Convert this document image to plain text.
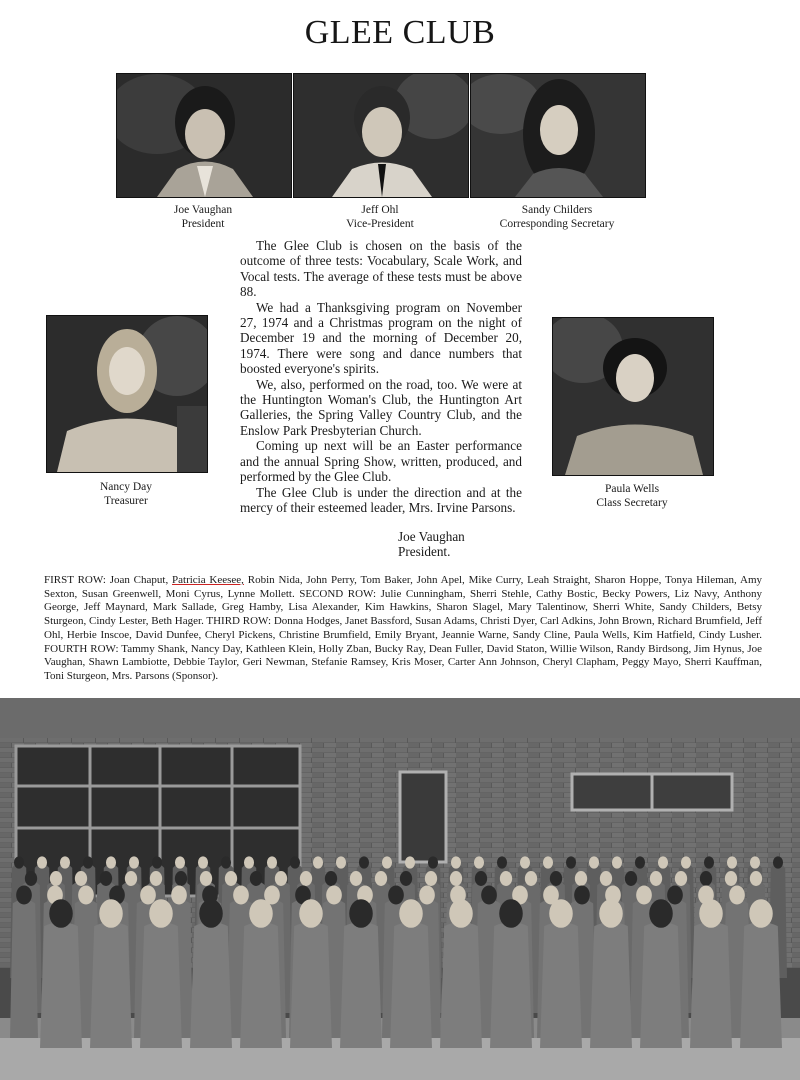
GLEE CLUB
Joe Vaughan
President
Jeff Ohl
Vice-President
Sandy Childers
Corresponding Secretary
Nancy Day
Treasurer
Paula Wells
Class Secretary

The Glee Club is chosen on the basis of the outcome of three tests: Vocabulary, Scale Work, and Vocal tests. The average of these tests must be above 88.

We had a Thanksgiving program on November 27, 1974 and a Christmas program on the night of December 19 and the morning of December 20, 1974. There were song and dance numbers that boosted everyone's spirits.

We, also, performed on the road, too. We were at the Huntington Woman's Club, the Huntington Art Galleries, the Spring Valley Country Club, and the Enslow Park Presbyterian Church.

Coming up next will be an Easter performance and the annual Spring Show, written, produced, and performed by the Glee Club.

The Glee Club is under the direction and at the mercy of their esteemed leader, Mrs. Irvine Parsons.

Joe Vaughan
President.
FIRST ROW: Joan Chaput, Patricia Keesee, Robin Nida, John Perry, Tom Baker, John Apel, Mike Curry, Leah Straight, Sharon Hoppe, Tonya Hileman, Amy Sexton, Susan Greenwell, Moni Cyrus, Lynne Mollett. SECOND ROW: Julie Cunningham, Sherri Stehle, Cathy Bostic, Becky Powers, Liz Navy, Anthony George, Jeff Maynard, Mark Sallade, Greg Hamby, Lisa Alexander, Kim Hawkins, Sharon Slagel, Mary Talentinow, Sherri White, Sandy Childers, Betsy Sturgeon, Cindy Lester, Beth Hager. THIRD ROW: Donna Hodges, Janet Bassford, Susan Adams, Christi Dyer, Carl Adkins, John Brown, Richard Brumfield, Jeff Ohl, Herbie Inscoe, David Dunfee, Cheryl Pickens, Christine Brumfield, Emily Bryant, Jeannie Warne, Sandy Cline, Paula Wells, Kim Hatfield, Cindy Lusher. FOURTH ROW: Tammy Shank, Nancy Day, Kathleen Klein, Holly Zban, Bucky Ray, Dean Fuller, David Staton, Willie Wilson, Randy Birdsong, Jim Hynus, Joe Vaughan, Shawn Lambiotte, Debbie Taylor, Geri Newman, Stefanie Ramsey, Kris Moser, Carter Ann Johnson, Cheryl Clapham, Peggy Mayo, Sherri Kauffman, Toni Sturgeon, Mrs. Parsons (Sponsor).
